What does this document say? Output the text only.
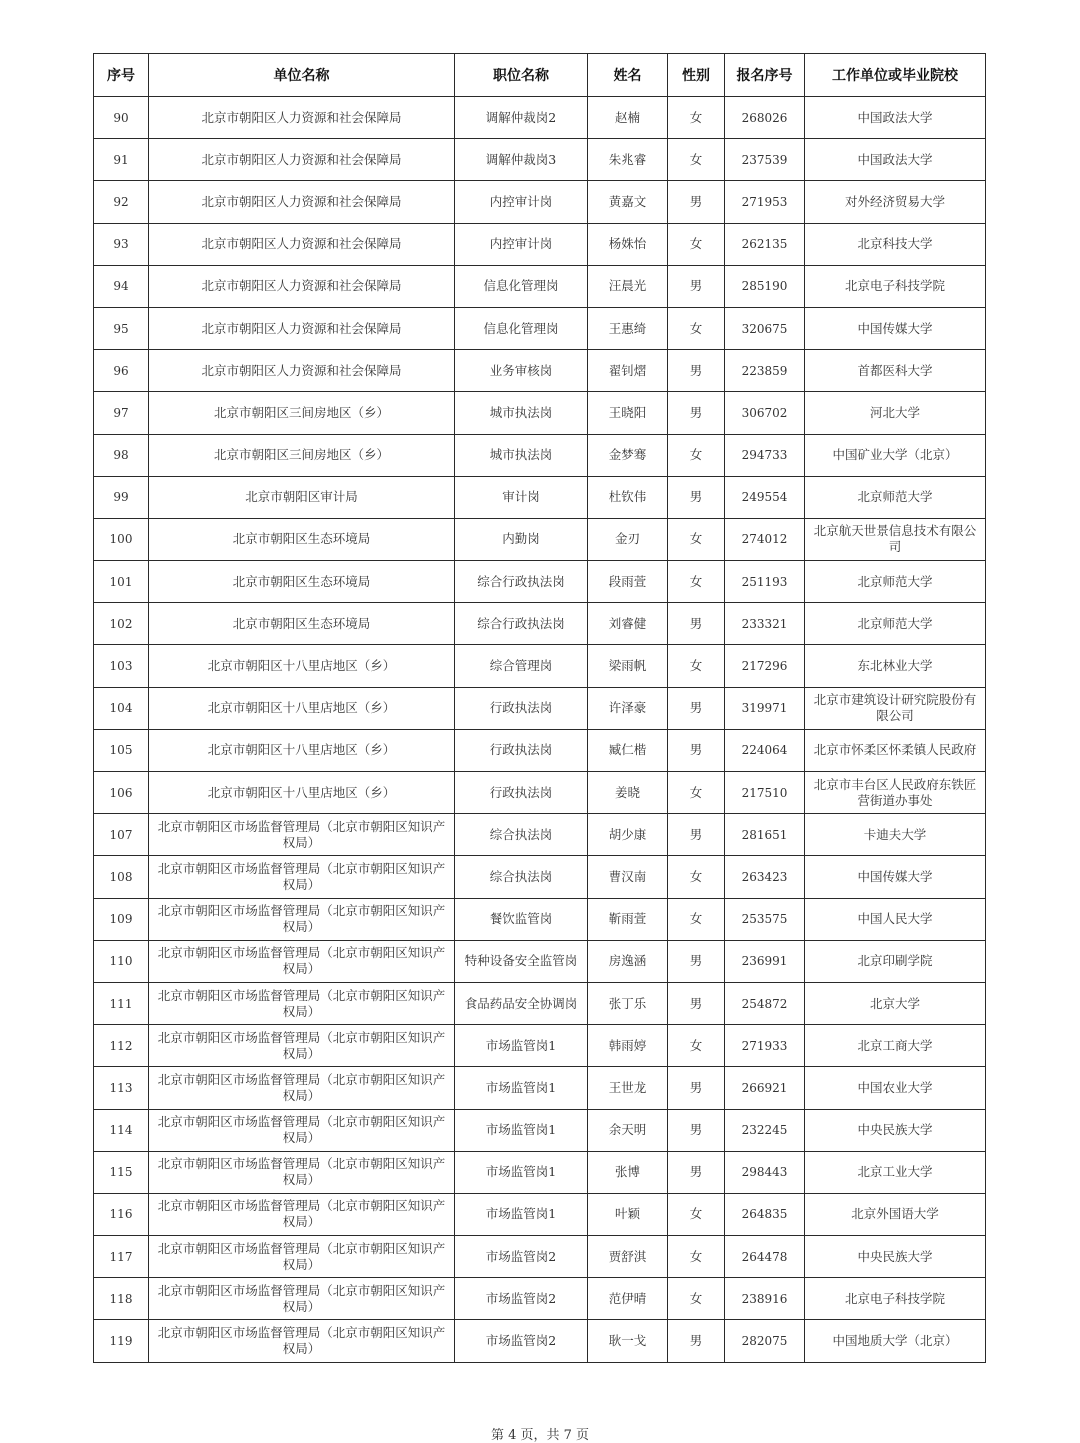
序号	单位名称	职位名称	姓名	性别	报名序号	工作单位或毕业院校
90	北京市朝阳区人力资源和社会保障局	调解仲裁岗2	赵楠	女	268026	中国政法大学
91	北京市朝阳区人力资源和社会保障局	调解仲裁岗3	朱兆睿	女	237539	中国政法大学
92	北京市朝阳区人力资源和社会保障局	内控审计岗	黄嘉文	男	271953	对外经济贸易大学
93	北京市朝阳区人力资源和社会保障局	内控审计岗	杨姝怡	女	262135	北京科技大学
94	北京市朝阳区人力资源和社会保障局	信息化管理岗	汪晨光	男	285190	北京电子科技学院
95	北京市朝阳区人力资源和社会保障局	信息化管理岗	王惠绮	女	320675	中国传媒大学
96	北京市朝阳区人力资源和社会保障局	业务审核岗	翟钊熠	男	223859	首都医科大学
97	北京市朝阳区三间房地区（乡）	城市执法岗	王晓阳	男	306702	河北大学
98	北京市朝阳区三间房地区（乡）	城市执法岗	金梦骞	女	294733	中国矿业大学（北京）
99	北京市朝阳区审计局	审计岗	杜钦伟	男	249554	北京师范大学
100	北京市朝阳区生态环境局	内勤岗	金刃	女	274012	北京航天世景信息技术有限公司
101	北京市朝阳区生态环境局	综合行政执法岗	段雨萱	女	251193	北京师范大学
102	北京市朝阳区生态环境局	综合行政执法岗	刘睿健	男	233321	北京师范大学
103	北京市朝阳区十八里店地区（乡）	综合管理岗	梁雨帆	女	217296	东北林业大学
104	北京市朝阳区十八里店地区（乡）	行政执法岗	许泽豪	男	319971	北京市建筑设计研究院股份有限公司
105	北京市朝阳区十八里店地区（乡）	行政执法岗	臧仁楷	男	224064	北京市怀柔区怀柔镇人民政府
106	北京市朝阳区十八里店地区（乡）	行政执法岗	姜晓	女	217510	北京市丰台区人民政府东铁匠营街道办事处
107	北京市朝阳区市场监督管理局（北京市朝阳区知识产权局）	综合执法岗	胡少康	男	281651	卡迪夫大学
108	北京市朝阳区市场监督管理局（北京市朝阳区知识产权局）	综合执法岗	曹汉南	女	263423	中国传媒大学
109	北京市朝阳区市场监督管理局（北京市朝阳区知识产权局）	餐饮监管岗	靳雨萱	女	253575	中国人民大学
110	北京市朝阳区市场监督管理局（北京市朝阳区知识产权局）	特种设备安全监管岗	房逸涵	男	236991	北京印刷学院
111	北京市朝阳区市场监督管理局（北京市朝阳区知识产权局）	食品药品安全协调岗	张丁乐	男	254872	北京大学
112	北京市朝阳区市场监督管理局（北京市朝阳区知识产权局）	市场监管岗1	韩雨婷	女	271933	北京工商大学
113	北京市朝阳区市场监督管理局（北京市朝阳区知识产权局）	市场监管岗1	王世龙	男	266921	中国农业大学
114	北京市朝阳区市场监督管理局（北京市朝阳区知识产权局）	市场监管岗1	余天明	男	232245	中央民族大学
115	北京市朝阳区市场监督管理局（北京市朝阳区知识产权局）	市场监管岗1	张博	男	298443	北京工业大学
116	北京市朝阳区市场监督管理局（北京市朝阳区知识产权局）	市场监管岗1	叶颖	女	264835	北京外国语大学
117	北京市朝阳区市场监督管理局（北京市朝阳区知识产权局）	市场监管岗2	贾舒淇	女	264478	中央民族大学
118	北京市朝阳区市场监督管理局（北京市朝阳区知识产权局）	市场监管岗2	范伊晴	女	238916	北京电子科技学院
119	北京市朝阳区市场监督管理局（北京市朝阳区知识产权局）	市场监管岗2	耿一戈	男	282075	中国地质大学（北京）
第 4 页，共 7 页
